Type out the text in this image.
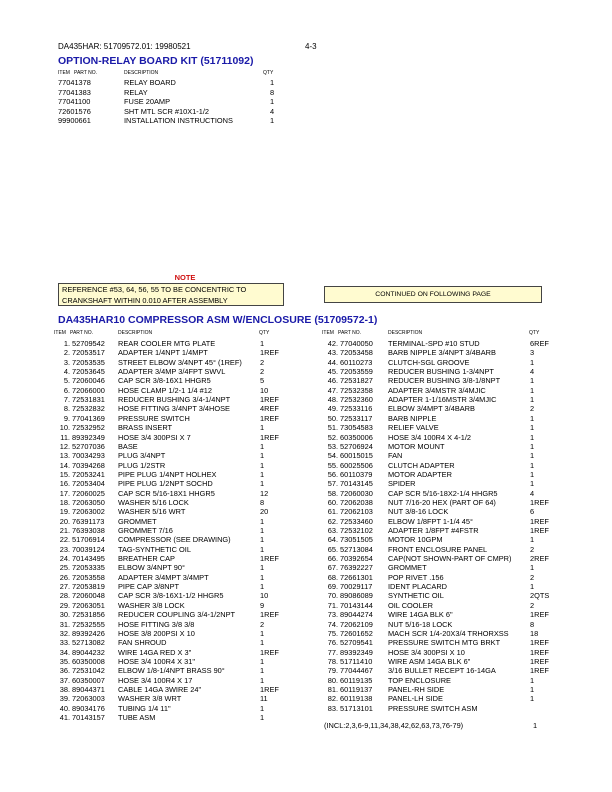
DA435HAR: 51709572.01: 19980521	4-3
OPTION-RELAY BOARD KIT (51711092)
ITEM PART NO.	DESCRIPTION	QTY
77041378	RELAY BOARD	1
77041383	RELAY	8
77041100	FUSE 20AMP	1
72601576	SHT MTL SCR #10X1-1/2	4
99900661	INSTALLATION INSTRUCTIONS	1
NOTE
REFERENCE #53, 64, 56, 55 TO BE CONCENTRIC TO
CRANKSHAFT WITHIN 0.010 AFTER ASSEMBLY
CONTINUED ON FOLLOWING PAGE
DA435HAR10 COMPRESSOR ASM W/ENCLOSURE (51709572-1)
ITEM PART NO.	DESCRIPTION	QTY	ITEM PART NO.	DESCRIPTION	QTY
1. 52709542 REAR COOLER MTG PLATE	1
2. 72053517 ADAPTER 1/4NPT 1/4MPT	1REF
3. 72053535 STREET ELBOW 3/4NPT 45° (1REF) 2
4. 72053645 ADAPTER 3/4MP 3/4FPT SWVL	2
5. 72060046 CAP SCR 3/8-16X1 HHGR5	5
6. 72066000 HOSE CLAMP 1/2-1 1/4 #12	10
7. 72531831 REDUCER BUSHING 3/4-1/4NPT	1REF
8. 72532832 HOSE FITTING 3/4NPT 3/4HOSE	4REF
9. 77041369 PRESSURE SWITCH	1REF
10. 72532952 BRASS INSERT	1
11. 89392349 HOSE 3/4 300PSI X 7	1REF
12. 52707036 BASE	1
13. 70034293 PLUG 3/4NPT	1
14. 70394268 PLUG 1/2STR	1
15. 72053241 PIPE PLUG 1/4NPT HOLHEX	1
16. 72053404 PIPE PLUG 1/2NPT SOCHD	1
17. 72060025 CAP SCR 5/16-18X1 HHGR5	12
18. 72063050 WASHER 5/16 LOCK	8
19. 72063002 WASHER 5/16 WRT	20
20. 76391173 GROMMET	1
21. 76393038 GROMMET 7/16	1
22. 51706914 COMPRESSOR (SEE DRAWING)	1
23. 70039124 TAG-SYNTHETIC OIL	1
24. 70143495 BREATHER CAP	1REF
25. 72053335 ELBOW 3/4NPT 90°	1
26. 72053558 ADAPTER 3/4MPT 3/4MPT	1
27. 72053819 PIPE CAP 3/8NPT	1
28. 72060048 CAP SCR 3/8-16X1-1/2 HHGR5	10
29. 72063051 WASHER 3/8 LOCK	9
30. 72531856 REDUCER COUPLING 3/4-1/2NPT	1REF
31. 72532555 HOSE FITTING 3/8 3/8	2
32. 89392426 HOSE 3/8 200PSI X 10	1
33. 52713082 FAN SHROUD	1
34. 89044232 WIRE 14GA RED X 3"	1REF
35. 60350008 HOSE 3/4 100R4 X 31"	1
36. 72531042 ELBOW 1/8-1/4NPT BRASS 90°	1
37. 60350007 HOSE 3/4 100R4 X 17	1
38. 89044371 CABLE 14GA 3WIRE 24"	1REF
39. 72063003 WASHER 3/8 WRT	11
40. 89034176 TUBING 1/4 11"	1
41. 70143157 TUBE ASM	1
42. 77040050 TERMINAL-SPD #10 STUD	6REF
43. 72053458 BARB NIPPLE 3/4NPT 3/4BARB	3
44. 60110273 CLUTCH-SGL GROOVE	1
45. 72053559 REDUCER BUSHING 1-3/4NPT	4
46. 72531827 REDUCER BUSHING 3/8-1/8NPT	1
47. 72532358 ADAPTER 3/4MSTR 3/4MJIC	1
48. 72532360 ADAPTER 1-1/16MSTR 3/4MJIC	1
49. 72533116 ELBOW 3/4MPT 3/4BARB	2
50. 72533117 BARB NIPPLE	1
51. 73054583 RELIEF VALVE	1
52. 60350006 HOSE 3/4 100R4 X 4-1/2	1
53. 52706924 MOTOR MOUNT	1
54. 60015015 FAN	1
55. 60025506 CLUTCH ADAPTER	1
56. 60110379 MOTOR ADAPTER	1
57. 70143145 SPIDER	1
58. 72060030 CAP SCR 5/16-18X2-1/4 HHGR5	4
60. 72062038 NUT 7/16-20 HEX (PART OF 64)	1REF
61. 72062103 NUT 3/8-16 LOCK	6
62. 72533460 ELBOW 1/8FPT 1-1/4 45°	1REF
63. 72532102 ADAPTER 1/8FPT #4FSTR	1REF
64. 73051505 MOTOR 10GPM	1
65. 52713084 FRONT ENCLOSURE PANEL	2
66. 70392654 CAP(NOT SHOWN-PART OF CMPR)	2REF
67. 76392227 GROMMET	1
68. 72661301 POP RIVET .156	2
69. 70029117 IDENT PLACARD	1
70. 89086089 SYNTHETIC OIL	2QTS
71. 70143144 OIL COOLER	2
73. 89044274 WIRE 14GA BLK 6"	1REF
74. 72062109 NUT 5/16-18 LOCK	8
75. 72601652 MACH SCR 1/4-20X3/4 TRHORXSS	18
76. 52709541 PRESSURE SWITCH MTG BRKT	1REF
77. 89392349 HOSE 3/4 300PSI X 10	1REF
78. 51711410 WIRE ASM 14GA BLK 6"	1REF
79. 77044467 3/16 BULLET RECEPT 16-14GA	1REF
80. 60119135 TOP ENCLOSURE	1
81. 60119137 PANEL-RH SIDE	1
82. 60119138 PANEL-LH SIDE	1
83. 51713101 PRESSURE SWITCH ASM
(INCL:2,3,6-9,11,34,38,42,62,63,73,76-79)	1
